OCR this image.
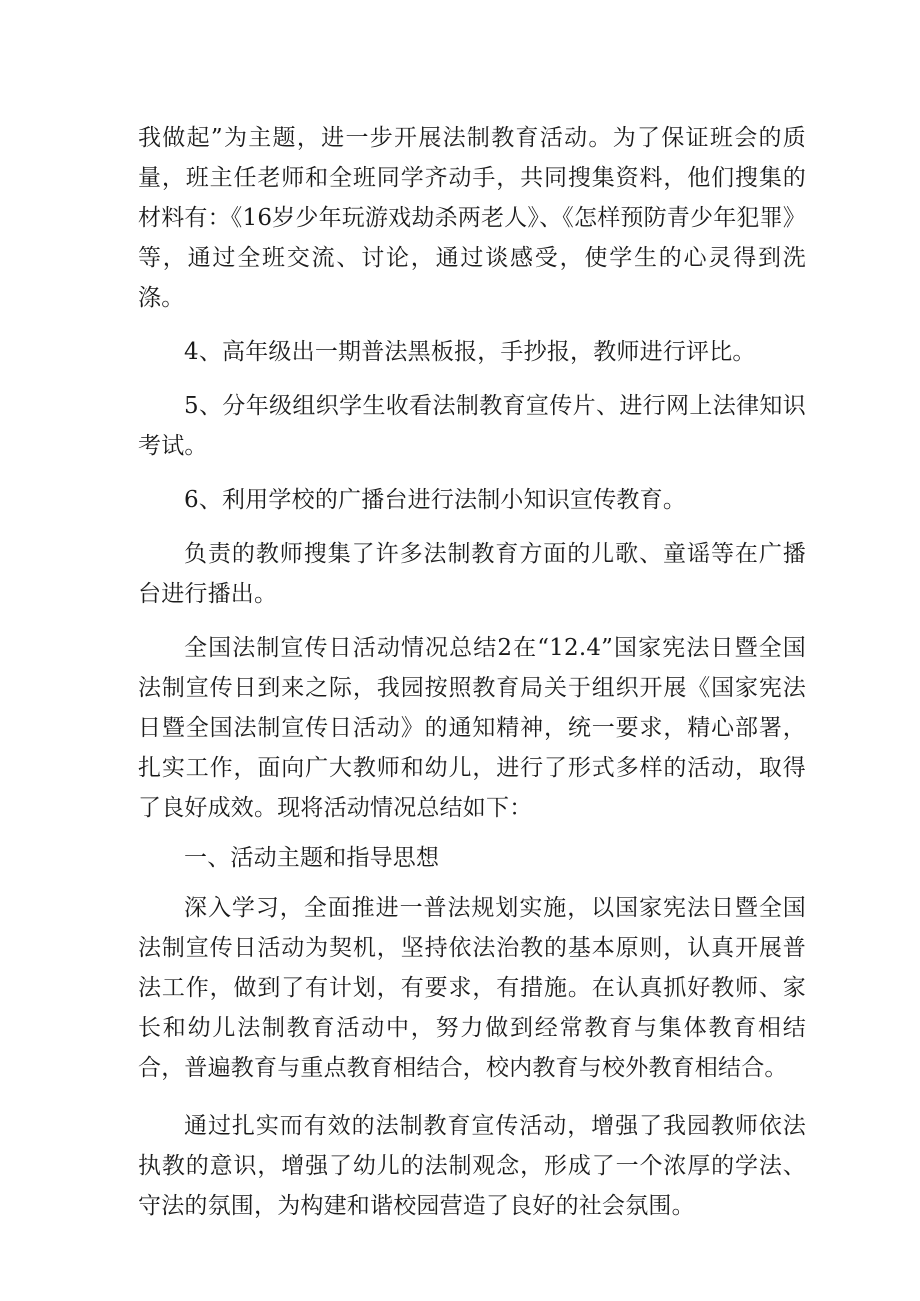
我做起”为主题，进一步开展法制教育活动。为了保证班会的质量，班主任老师和全班同学齐动手，共同搜集资料，他们搜集的材料有：《16岁少年玩游戏劫杀两老人》、《怎样预防青少年犯罪》等，通过全班交流、讨论，通过谈感受，使学生的心灵得到洗涤。

4、高年级出一期普法黑板报，手抄报，教师进行评比。

5、分年级组织学生收看法制教育宣传片、进行网上法律知识考试。

6、利用学校的广播台进行法制小知识宣传教育。

负责的教师搜集了许多法制教育方面的儿歌、童谣等在广播台进行播出。

全国法制宣传日活动情况总结2在“12.4”国家宪法日暨全国法制宣传日到来之际，我园按照教育局关于组织开展《国家宪法日暨全国法制宣传日活动》的通知精神，统一要求，精心部署，扎实工作，面向广大教师和幼儿，进行了形式多样的活动，取得了良好成效。现将活动情况总结如下：

一、活动主题和指导思想

深入学习，全面推进一普法规划实施，以国家宪法日暨全国法制宣传日活动为契机，坚持依法治教的基本原则，认真开展普法工作，做到了有计划，有要求，有措施。在认真抓好教师、家长和幼儿法制教育活动中，努力做到经常教育与集体教育相结合，普遍教育与重点教育相结合，校内教育与校外教育相结合。

通过扎实而有效的法制教育宣传活动，增强了我园教师依法执教的意识，增强了幼儿的法制观念，形成了一个浓厚的学法、守法的氛围，为构建和谐校园营造了良好的社会氛围。
